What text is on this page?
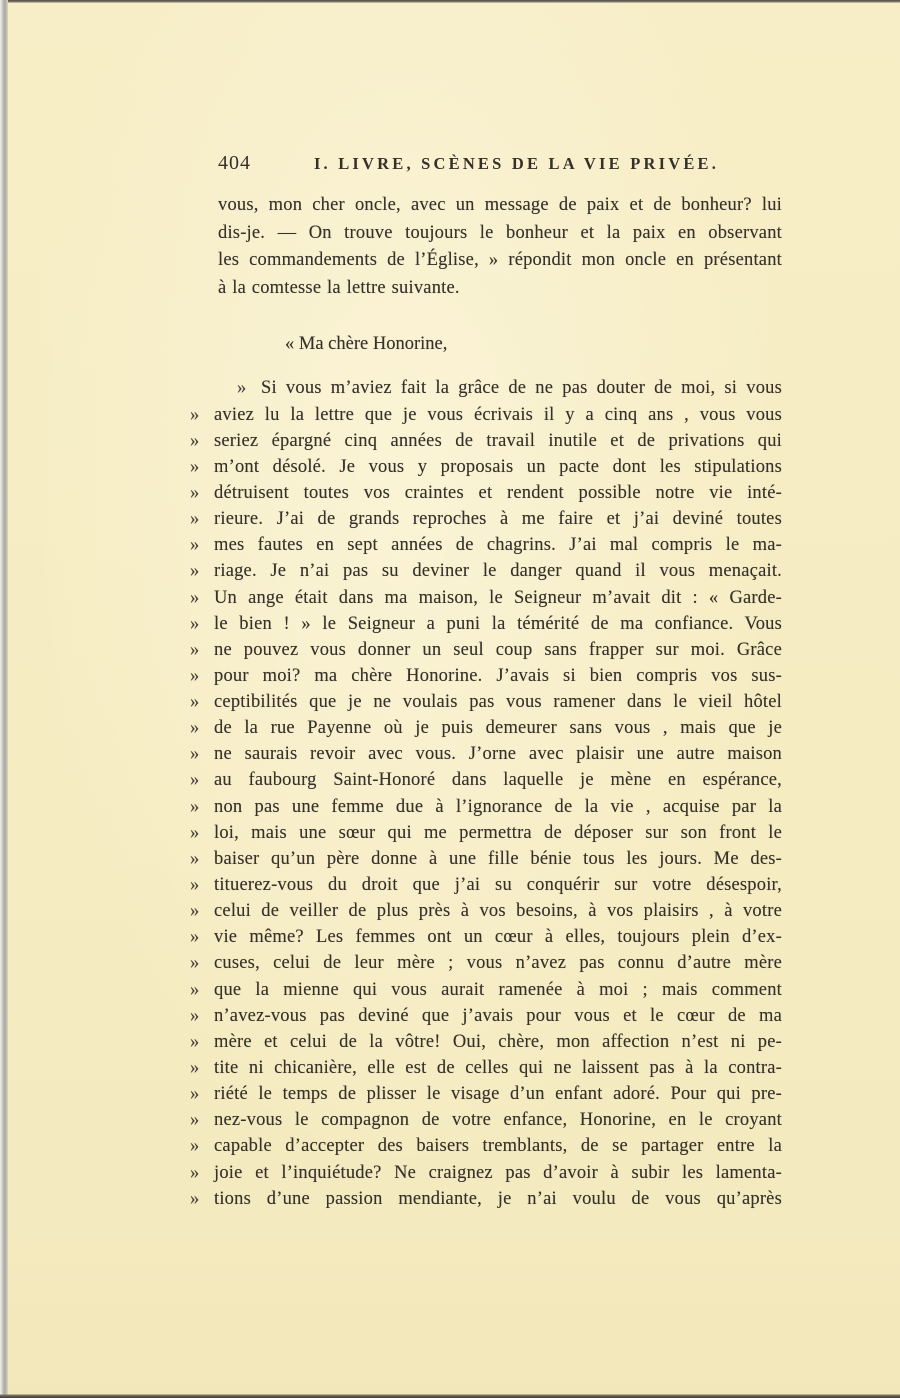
404	I. LIVRE, SCÈNES DE LA VIE PRIVÉE.
vous, mon cher oncle, avec un message de paix et de bonheur? lui
dis-je. — On trouve toujours le bonheur et la paix en observant
les commandements de l’Église, » répondit mon oncle en présentant
à la comtesse la lettre suivante.
« Ma chère Honorine,
» Si vous m’aviez fait la grâce de ne pas douter de moi, si vous
» aviez lu la lettre que je vous écrivais il y a cinq ans , vous vous
» seriez épargné cinq années de travail inutile et de privations qui
» m’ont désolé. Je vous y proposais un pacte dont les stipulations
» détruisent toutes vos craintes et rendent possible notre vie inté-
» rieure. J’ai de grands reproches à me faire et j’ai deviné toutes
» mes fautes en sept années de chagrins. J’ai mal compris le ma-
» riage. Je n’ai pas su deviner le danger quand il vous menaçait.
» Un ange était dans ma maison, le Seigneur m’avait dit : « Garde-
» le bien ! » le Seigneur a puni la témérité de ma confiance. Vous
» ne pouvez vous donner un seul coup sans frapper sur moi. Grâce
» pour moi? ma chère Honorine. J’avais si bien compris vos sus-
» ceptibilités que je ne voulais pas vous ramener dans le vieil hôtel
» de la rue Payenne où je puis demeurer sans vous , mais que je
» ne saurais revoir avec vous. J’orne avec plaisir une autre maison
» au faubourg Saint-Honoré dans laquelle je mène en espérance,
» non pas une femme due à l’ignorance de la vie , acquise par la
» loi, mais une sœur qui me permettra de déposer sur son front le
» baiser qu’un père donne à une fille bénie tous les jours. Me des-
» tituerez-vous du droit que j’ai su conquérir sur votre désespoir,
» celui de veiller de plus près à vos besoins, à vos plaisirs , à votre
» vie même? Les femmes ont un cœur à elles, toujours plein d’ex-
» cuses, celui de leur mère ; vous n’avez pas connu d’autre mère
» que la mienne qui vous aurait ramenée à moi ; mais comment
» n’avez-vous pas deviné que j’avais pour vous et le cœur de ma
» mère et celui de la vôtre! Oui, chère, mon affection n’est ni pe-
» tite ni chicanière, elle est de celles qui ne laissent pas à la contra-
» riété le temps de plisser le visage d’un enfant adoré. Pour qui pre-
» nez-vous le compagnon de votre enfance, Honorine, en le croyant
» capable d’accepter des baisers tremblants, de se partager entre la
» joie et l’inquiétude? Ne craignez pas d’avoir à subir les lamenta-
» tions d’une passion mendiante, je n’ai voulu de vous qu’après
